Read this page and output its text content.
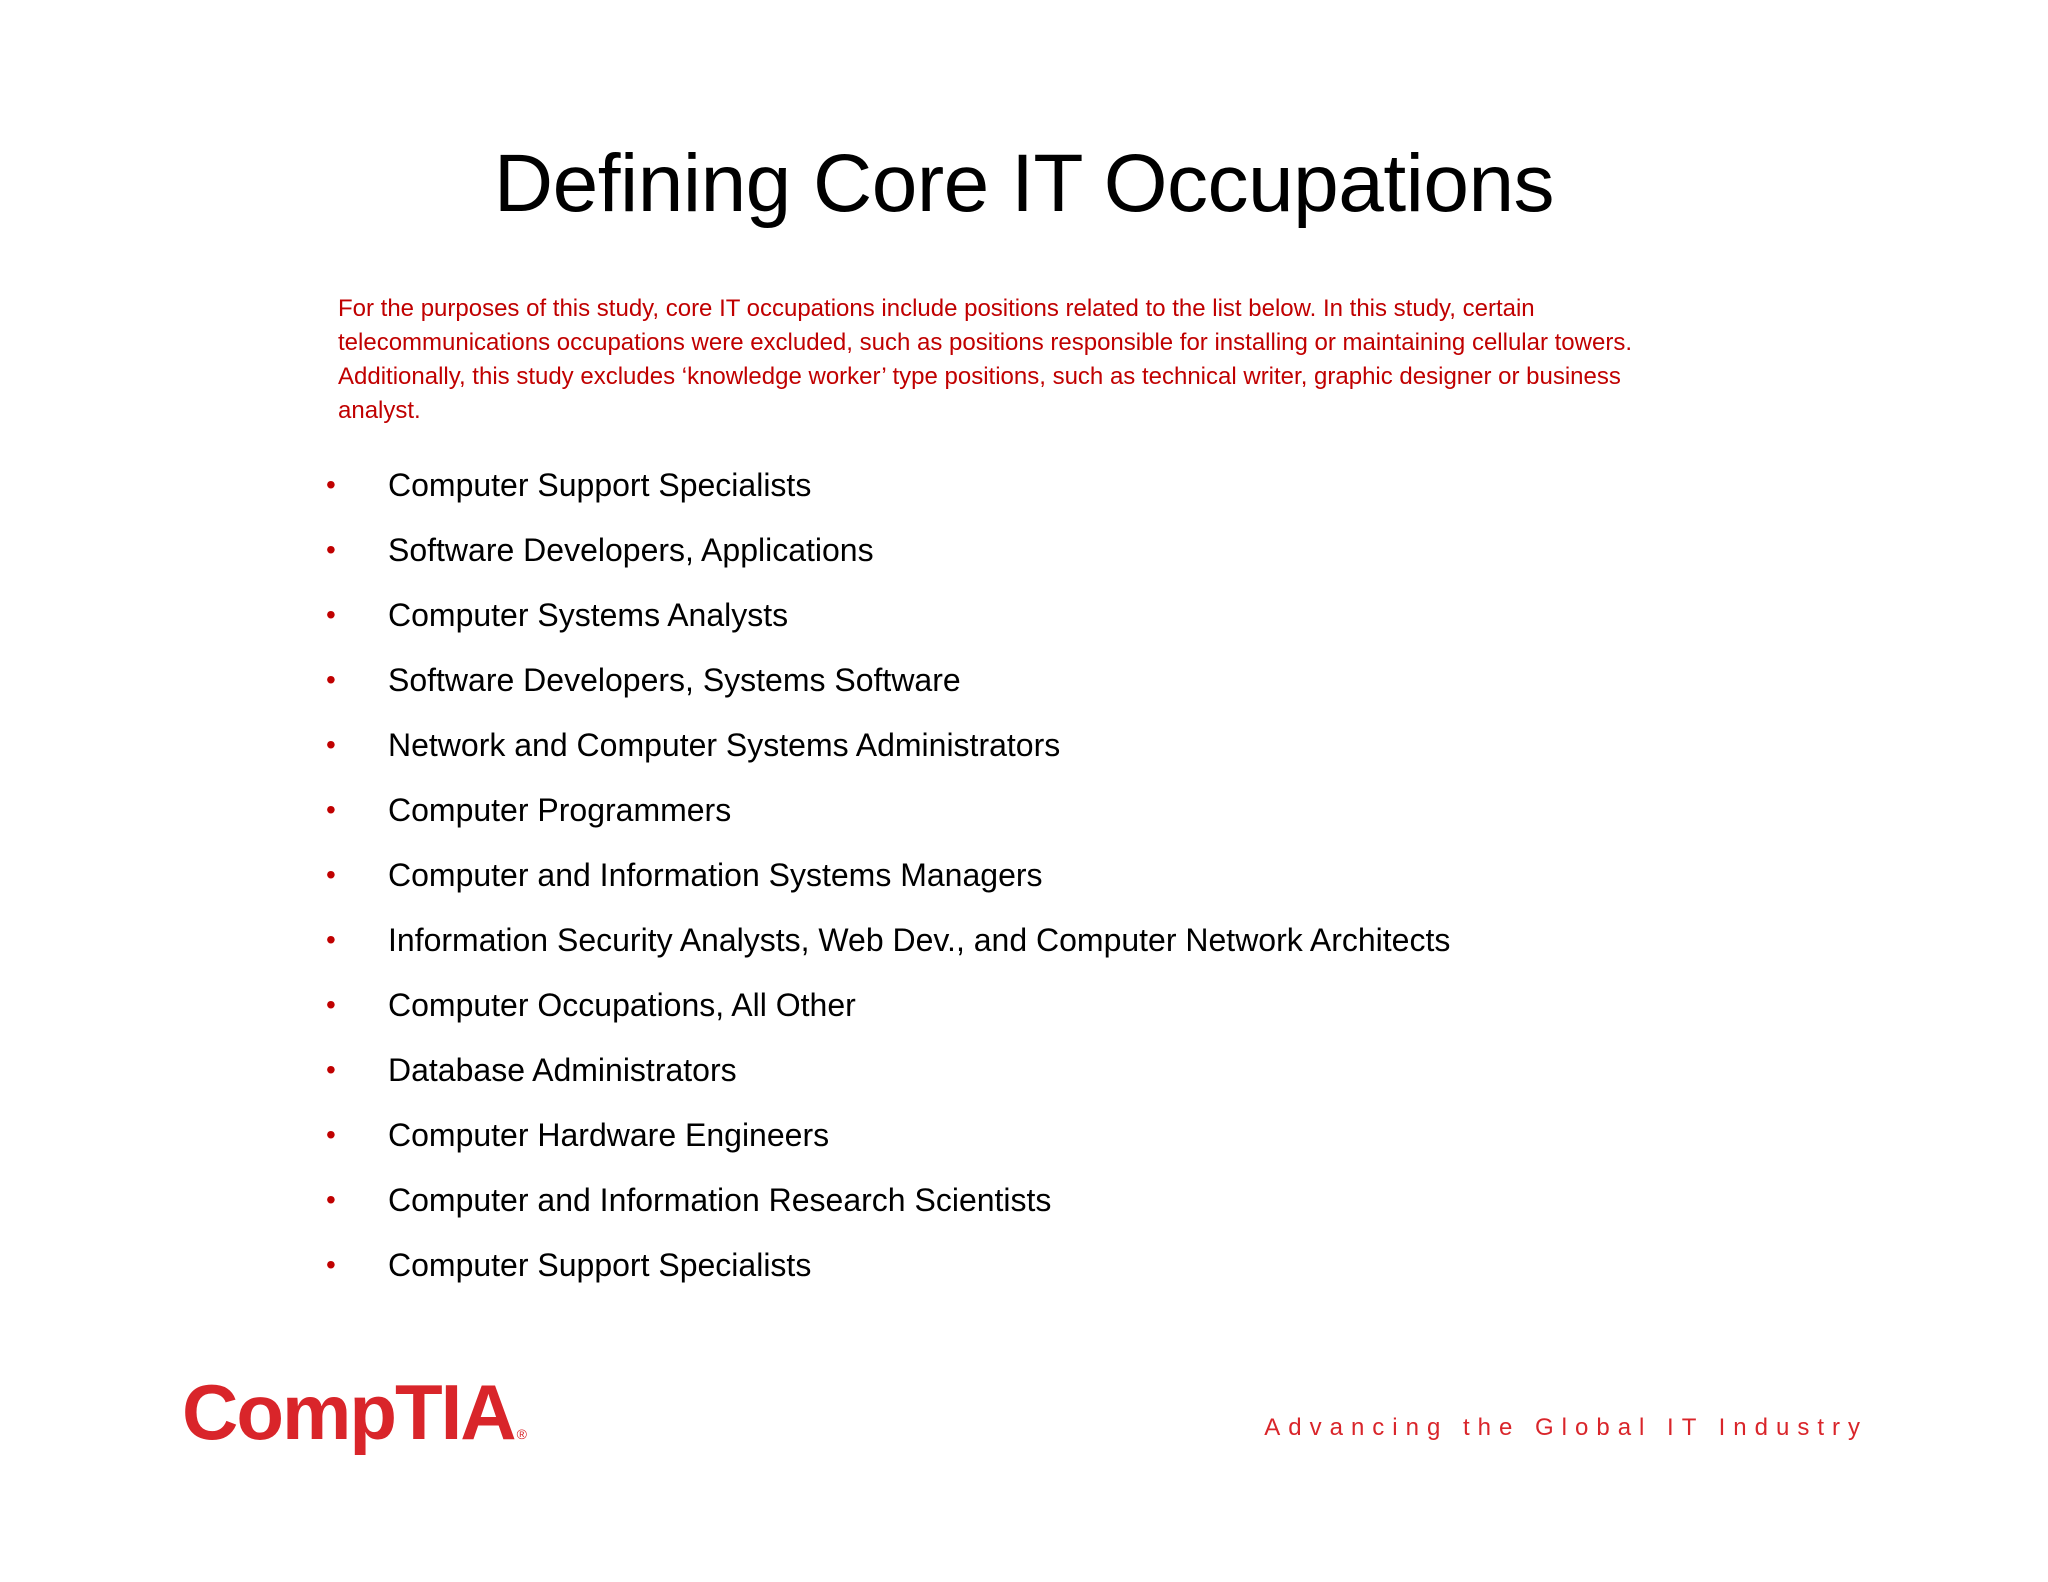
Defining Core IT Occupations

For the purposes of this study, core IT occupations include positions related to the list below. In this study, certain telecommunications occupations were excluded, such as positions responsible for installing or maintaining cellular towers. Additionally, this study excludes ‘knowledge worker’ type positions, such as technical writer, graphic designer or business analyst.

•	Computer Support Specialists
•	Software Developers, Applications
•	Computer Systems Analysts
•	Software Developers, Systems Software
•	Network and Computer Systems Administrators
•	Computer Programmers
•	Computer and Information Systems Managers
•	Information Security Analysts, Web Dev., and Computer Network Architects
•	Computer Occupations, All Other
•	Database Administrators
•	Computer Hardware Engineers
•	Computer and Information Research Scientists
•	Computer Support Specialists
CompTIA ®	Advancing the Global IT Industry
